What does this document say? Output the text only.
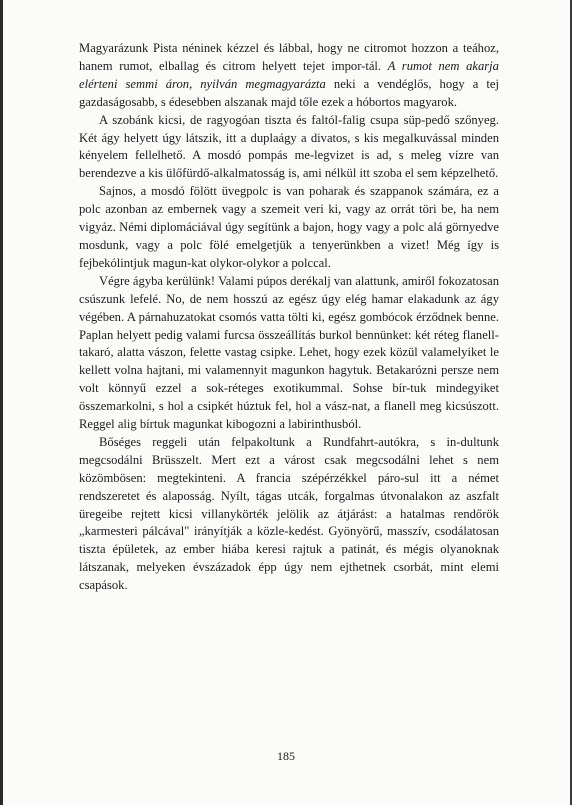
Magyarázunk Pista néninek kézzel és lábbal, hogy ne citromot hozzon a teához, hanem rumot, elballag és citrom helyett tejet impor-tál. A rumot nem akarja elérteni semmi áron, nyilván megmagyarázta neki a vendéglős, hogy a tej gazdaságosabb, s édesebben alszanak majd tőle ezek a hóbortos magyarok.

A szobánk kicsi, de ragyogóan tiszta és faltól-falig csupa süp-pedő szőnyeg. Két ágy helyett úgy látszik, itt a duplaágy a divatos, s kis megalkuvással minden kényelem fellelhető. A mosdó pompás me-legvizet is ad, s meleg vízre van berendezve a kis ülőfürdő-alkalmatosság is, ami nélkül itt szoba el sem képzelhető.

Sajnos, a mosdó fölött üvegpolc is van poharak és szappanok számára, ez a polc azonban az embernek vagy a szemeit veri ki, vagy az orrát töri be, ha nem vigyáz. Némi diplomáciával úgy segítünk a bajon, hogy vagy a polc alá görnyedve mosdunk, vagy a polc fölé emelgetjük a tenyerünkben a vizet! Még így is fejbekólintjuk magun-kat olykor-olykor a polccal.

Végre ágyba kerülünk! Valami púpos derékalj van alattunk, amiről fokozatosan csúszunk lefelé. No, de nem hosszú az egész úgy elég hamar elakadunk az ágy végében. A párnahuzatokat csomós vatta tölti ki, egész gombócok érződnek benne. Paplan helyett pedig valami furcsa összeállítás burkol bennünket: két réteg flanell-takaró, alatta vászon, felette vastag csipke. Lehet, hogy ezek közül valamelyiket le kellett volna hajtani, mi valamennyit magunkon hagytuk. Betakarózni persze nem volt könnyű ezzel a sok-réteges exotikummal. Sohse bír-tuk mindegyiket összemarkolni, s hol a csipkét húztuk fel, hol a vász-nat, a flanell meg kicsúszott. Reggel alig bírtuk magunkat kibogozni a labirinthusból.

Bőséges reggeli után felpakoltunk a Rundfahrt-autókra, s in-dultunk megcsodálni Brüsszelt. Mert ezt a várost csak megcsodálni lehet s nem közömbösen: megtekinteni. A francia szépérzékkel páro-sul itt a német rendszeretet és alaposság. Nyílt, tágas utcák, forgalmas útvonalakon az aszfalt üregeibe rejtett kicsi villanykörték jelölik az átjárást: a hatalmas rendőrök „karmesteri pálcával" irányítják a közle-kedést. Gyönyörű, masszív, csodálatosan tiszta épületek, az ember hiába keresi rajtuk a patinát, és mégis olyanoknak látszanak, melyeken évszázadok épp úgy nem ejthetnek csorbát, mint elemi csapások.

185
